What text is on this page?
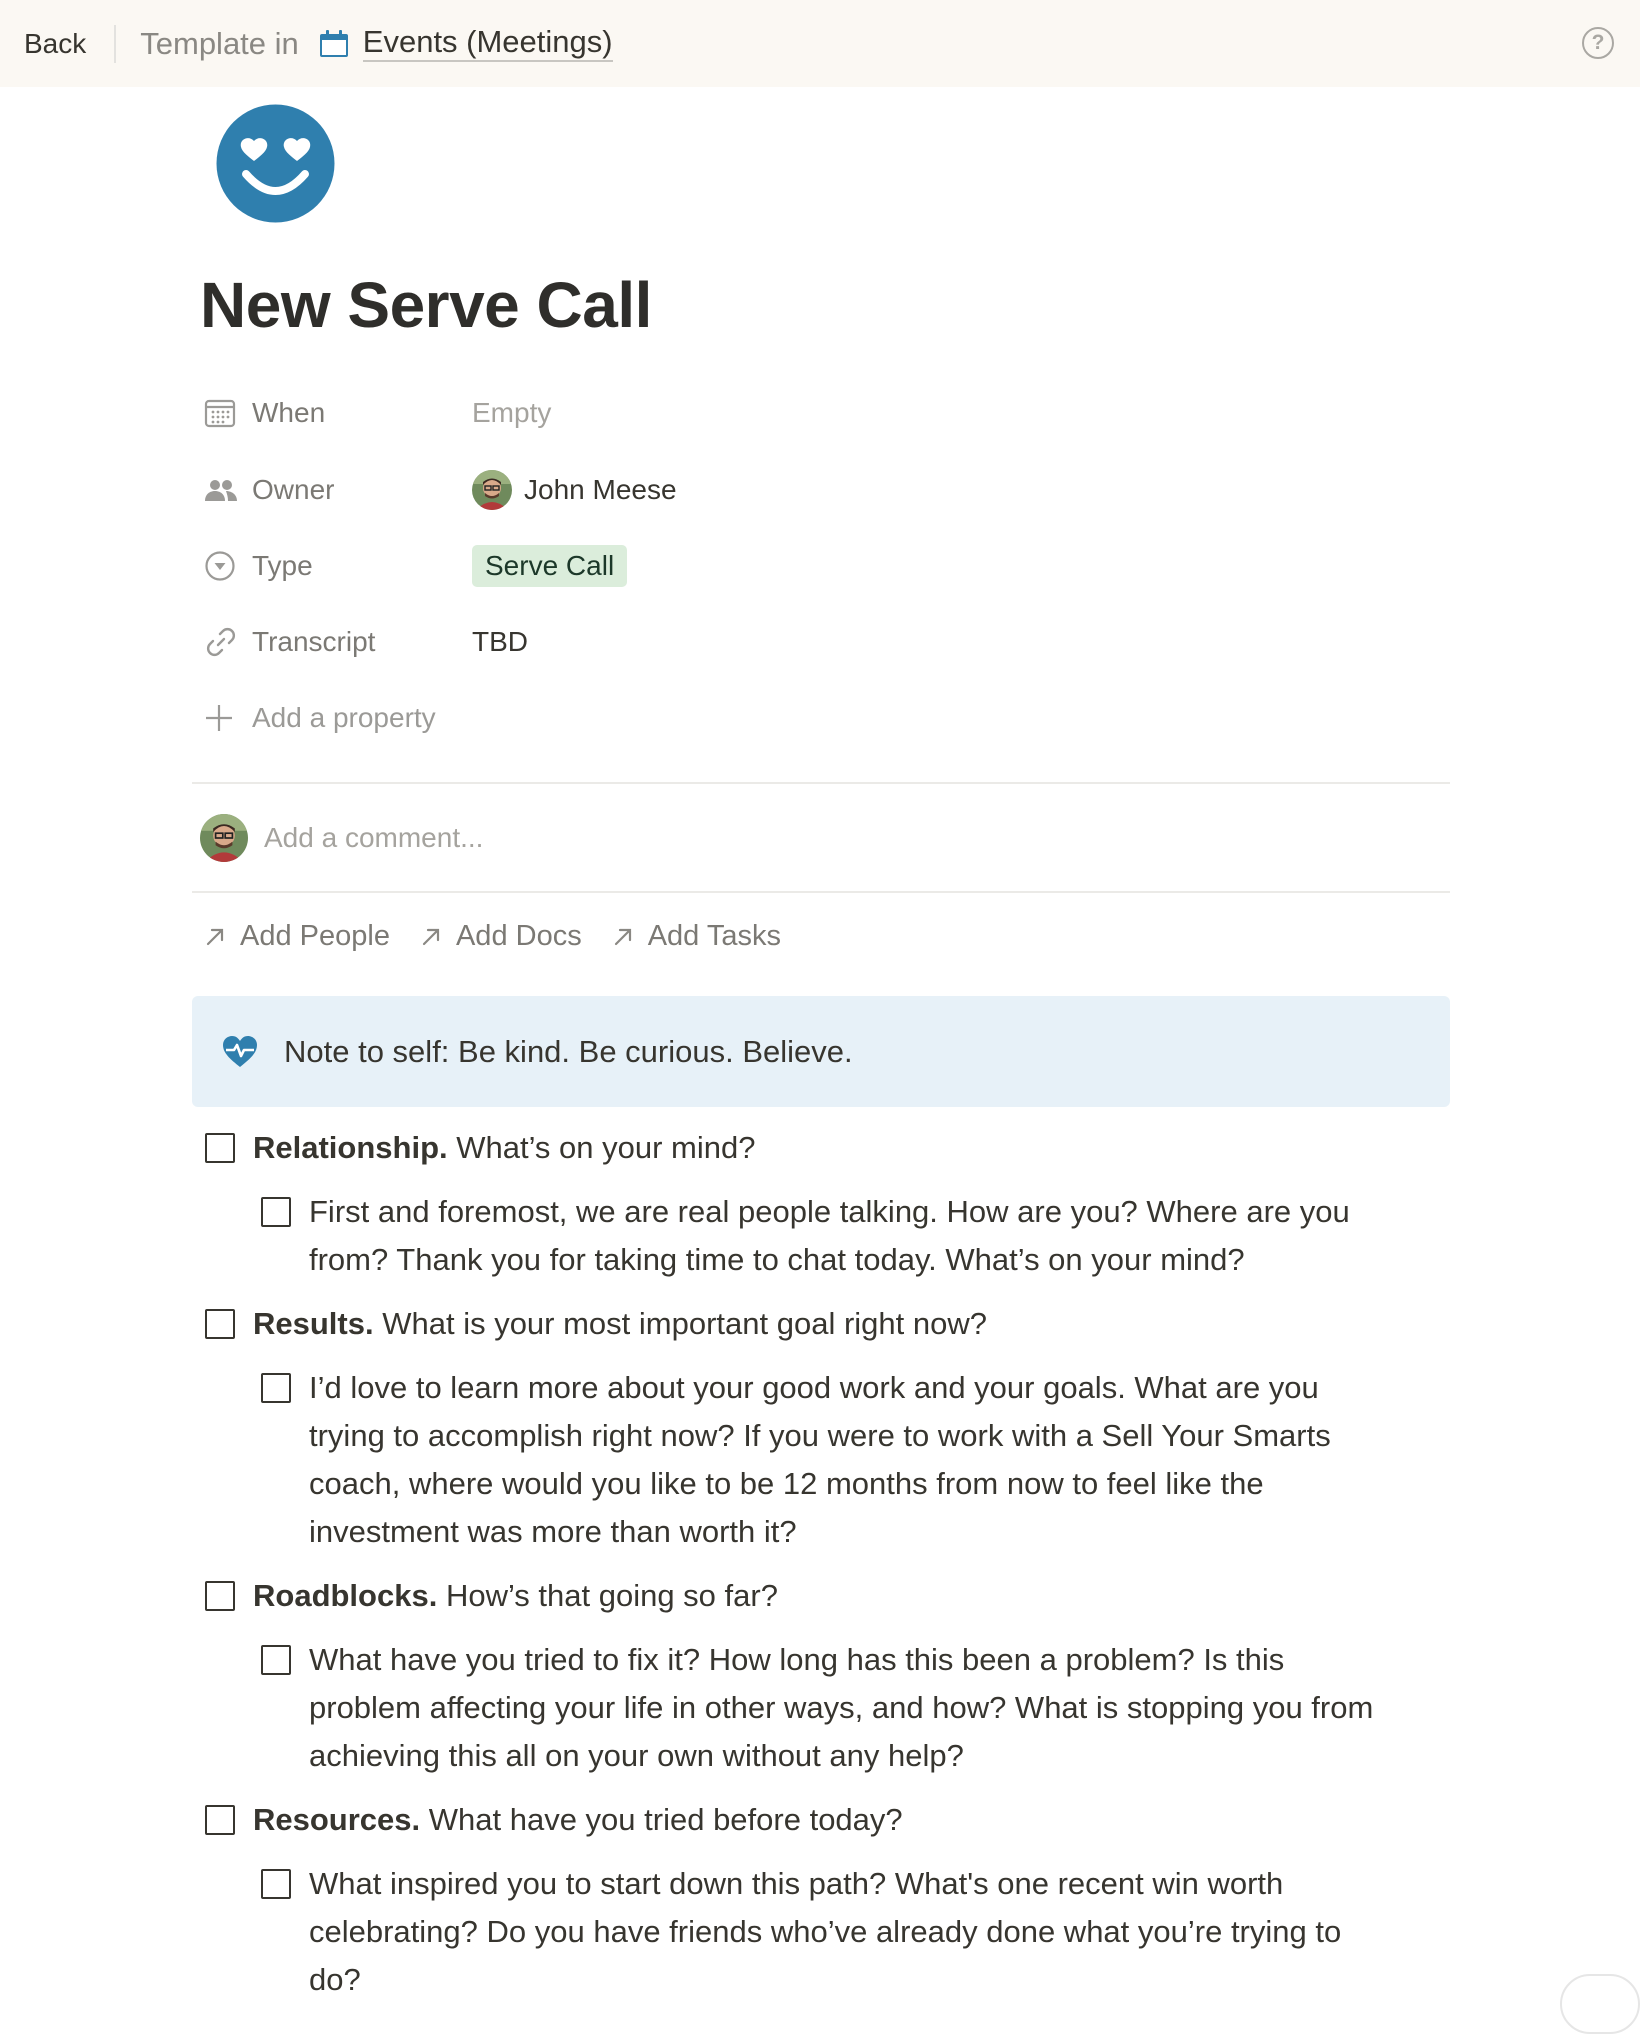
Back Template in Events (Meetings)	?
New Serve Call
When	Empty
Owner	John Meese
Type	Serve Call
Transcript	TBD
Add a property
Add a comment...
Add People Add Docs Add Tasks
Note to self: Be kind. Be curious. Believe.
Relationship. What’s on your mind?
First and foremost, we are real people talking. How are you? Where are you
from? Thank you for taking time to chat today. What’s on your mind?
Results. What is your most important goal right now?
I’d love to learn more about your good work and your goals. What are you
trying to accomplish right now? If you were to work with a Sell Your Smarts
coach, where would you like to be 12 months from now to feel like the
investment was more than worth it?
Roadblocks. How’s that going so far?
What have you tried to fix it? How long has this been a problem? Is this
problem affecting your life in other ways, and how? What is stopping you from
achieving this all on your own without any help?
Resources. What have you tried before today?
What inspired you to start down this path? What's one recent win worth
celebrating? Do you have friends who’ve already done what you’re trying to
do?
